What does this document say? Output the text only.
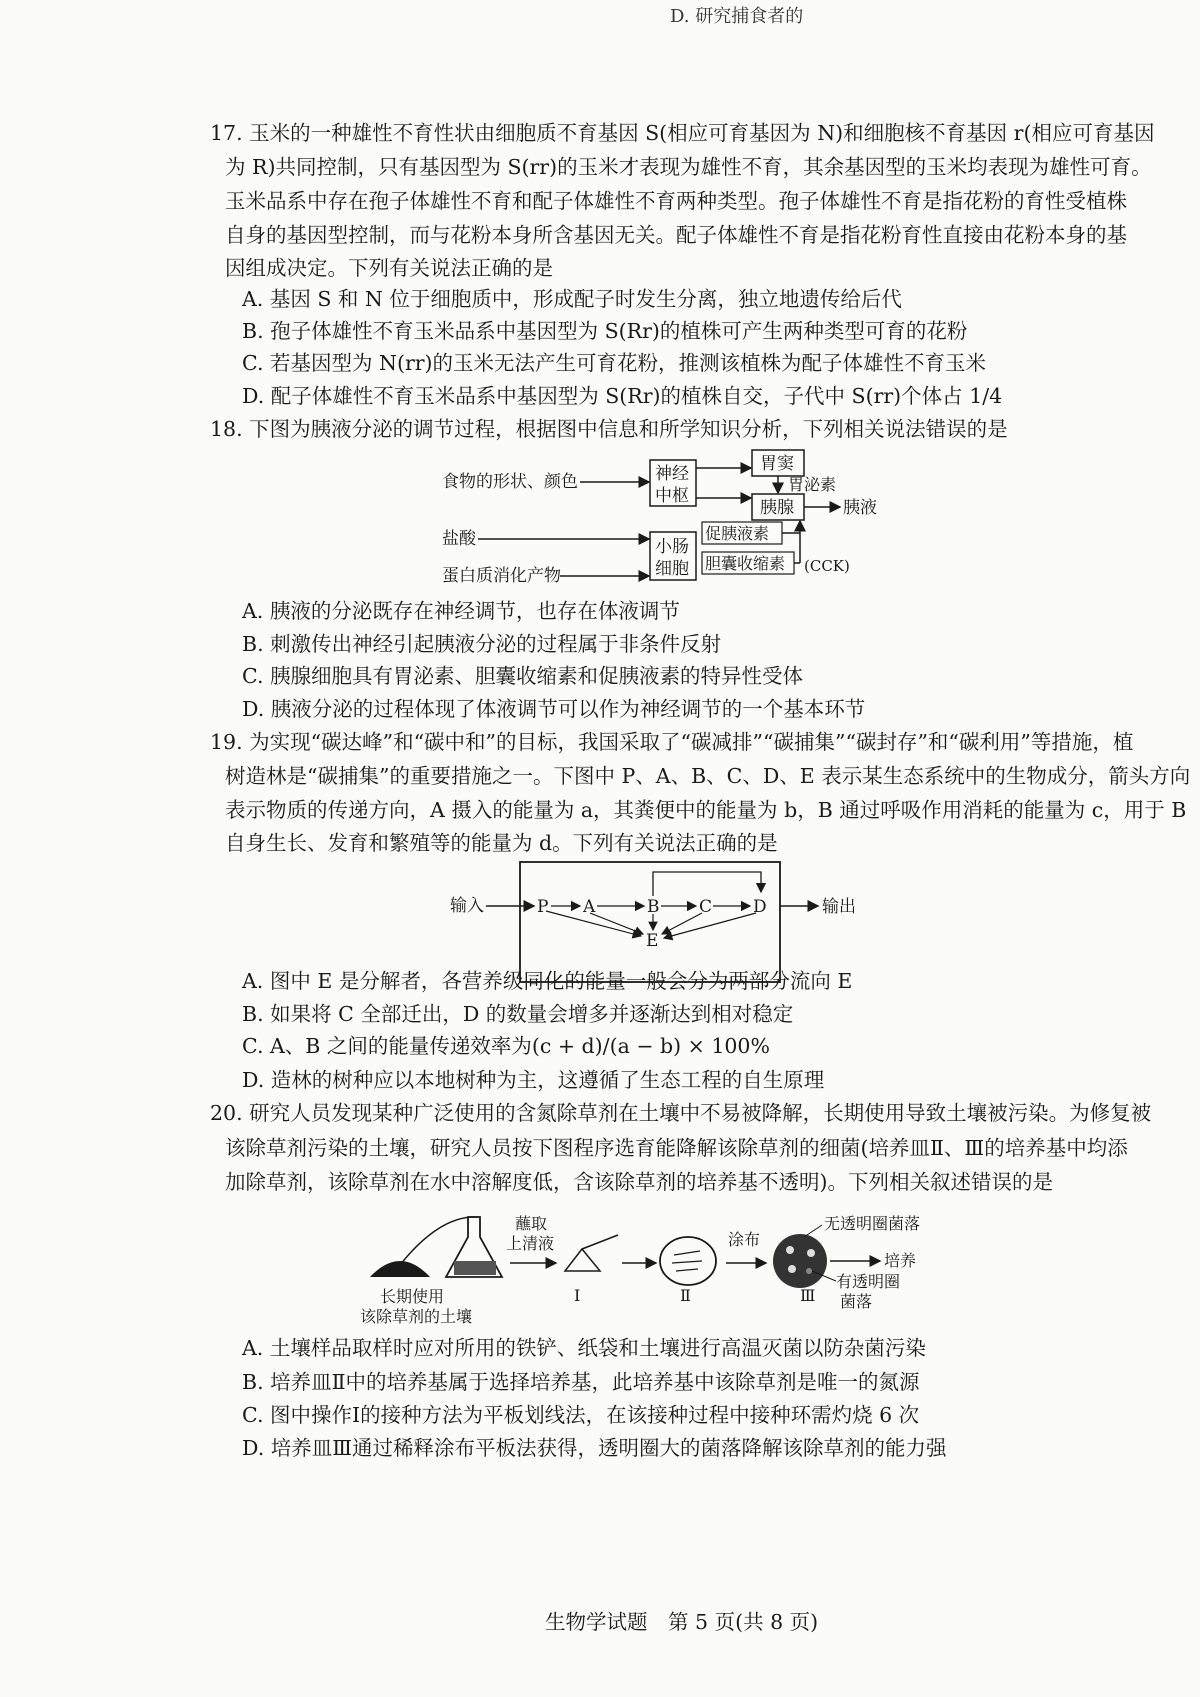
D. 研究捕食者的
17. 玉米的一种雄性不育性状由细胞质不育基因 S(相应可育基因为 N)和细胞核不育基因 r(相应可育基因
为 R)共同控制，只有基因型为 S(rr)的玉米才表现为雄性不育，其余基因型的玉米均表现为雄性可育。
玉米品系中存在孢子体雄性不育和配子体雄性不育两种类型。孢子体雄性不育是指花粉的育性受植株
自身的基因型控制，而与花粉本身所含基因无关。配子体雄性不育是指花粉育性直接由花粉本身的基
因组成决定。下列有关说法正确的是
A. 基因 S 和 N 位于细胞质中，形成配子时发生分离，独立地遗传给后代
B. 孢子体雄性不育玉米品系中基因型为 S(Rr)的植株可产生两种类型可育的花粉
C. 若基因型为 N(rr)的玉米无法产生可育花粉，推测该植株为配子体雄性不育玉米
D. 配子体雄性不育玉米品系中基因型为 S(Rr)的植株自交，子代中 S(rr)个体占 1/4
18. 下图为胰液分泌的调节过程，根据图中信息和所学知识分析，下列相关说法错误的是
食物的形状、颜色	神经
中枢
胃窦
胃泌素
胰腺	胰液
盐酸
蛋白质消化产物
小肠
细胞
促胰液素
胆囊收缩素 (CCK)
A. 胰液的分泌既存在神经调节，也存在体液调节
B. 刺激传出神经引起胰液分泌的过程属于非条件反射
C. 胰腺细胞具有胃泌素、胆囊收缩素和促胰液素的特异性受体
D. 胰液分泌的过程体现了体液调节可以作为神经调节的一个基本环节
19. 为实现“碳达峰”和“碳中和”的目标，我国采取了“碳减排”“碳捕集”“碳封存”和“碳利用”等措施，植
树造林是“碳捕集”的重要措施之一。下图中 P、A、B、C、D、E 表示某生态系统中的生物成分，箭头方向
表示物质的传递方向，A 摄入的能量为 a，其粪便中的能量为 b，B 通过呼吸作用消耗的能量为 c，用于 B
自身生长、发育和繁殖等的能量为 d。下列有关说法正确的是
输入	P A	B C D
E
输出
A. 图中 E 是分解者，各营养级同化的能量一般会分为两部分流向 E
B. 如果将 C 全部迁出，D 的数量会增多并逐渐达到相对稳定
C. A、B 之间的能量传递效率为(c + d)/(a − b) × 100%
D. 造林的树种应以本地树种为主，这遵循了生态工程的自生原理
20. 研究人员发现某种广泛使用的含氮除草剂在土壤中不易被降解，长期使用导致土壤被污染。为修复被
该除草剂污染的土壤，研究人员按下图程序选育能降解该除草剂的细菌(培养皿Ⅱ、Ⅲ的培养基中均添
加除草剂，该除草剂在水中溶解度低，含该除草剂的培养基不透明)。下列相关叙述错误的是
长期使用
该除草剂的土壤
蘸取
上清液
Ⅰ	Ⅱ
涂布
Ⅲ
无透明圈菌落
有透明圈
菌落
培养
A. 土壤样品取样时应对所用的铁铲、纸袋和土壤进行高温灭菌以防杂菌污染
B. 培养皿Ⅱ中的培养基属于选择培养基，此培养基中该除草剂是唯一的氮源
C. 图中操作Ⅰ的接种方法为平板划线法，在该接种过程中接种环需灼烧 6 次
D. 培养皿Ⅲ通过稀释涂布平板法获得，透明圈大的菌落降解该除草剂的能力强
生物学试题　第 5 页(共 8 页)
